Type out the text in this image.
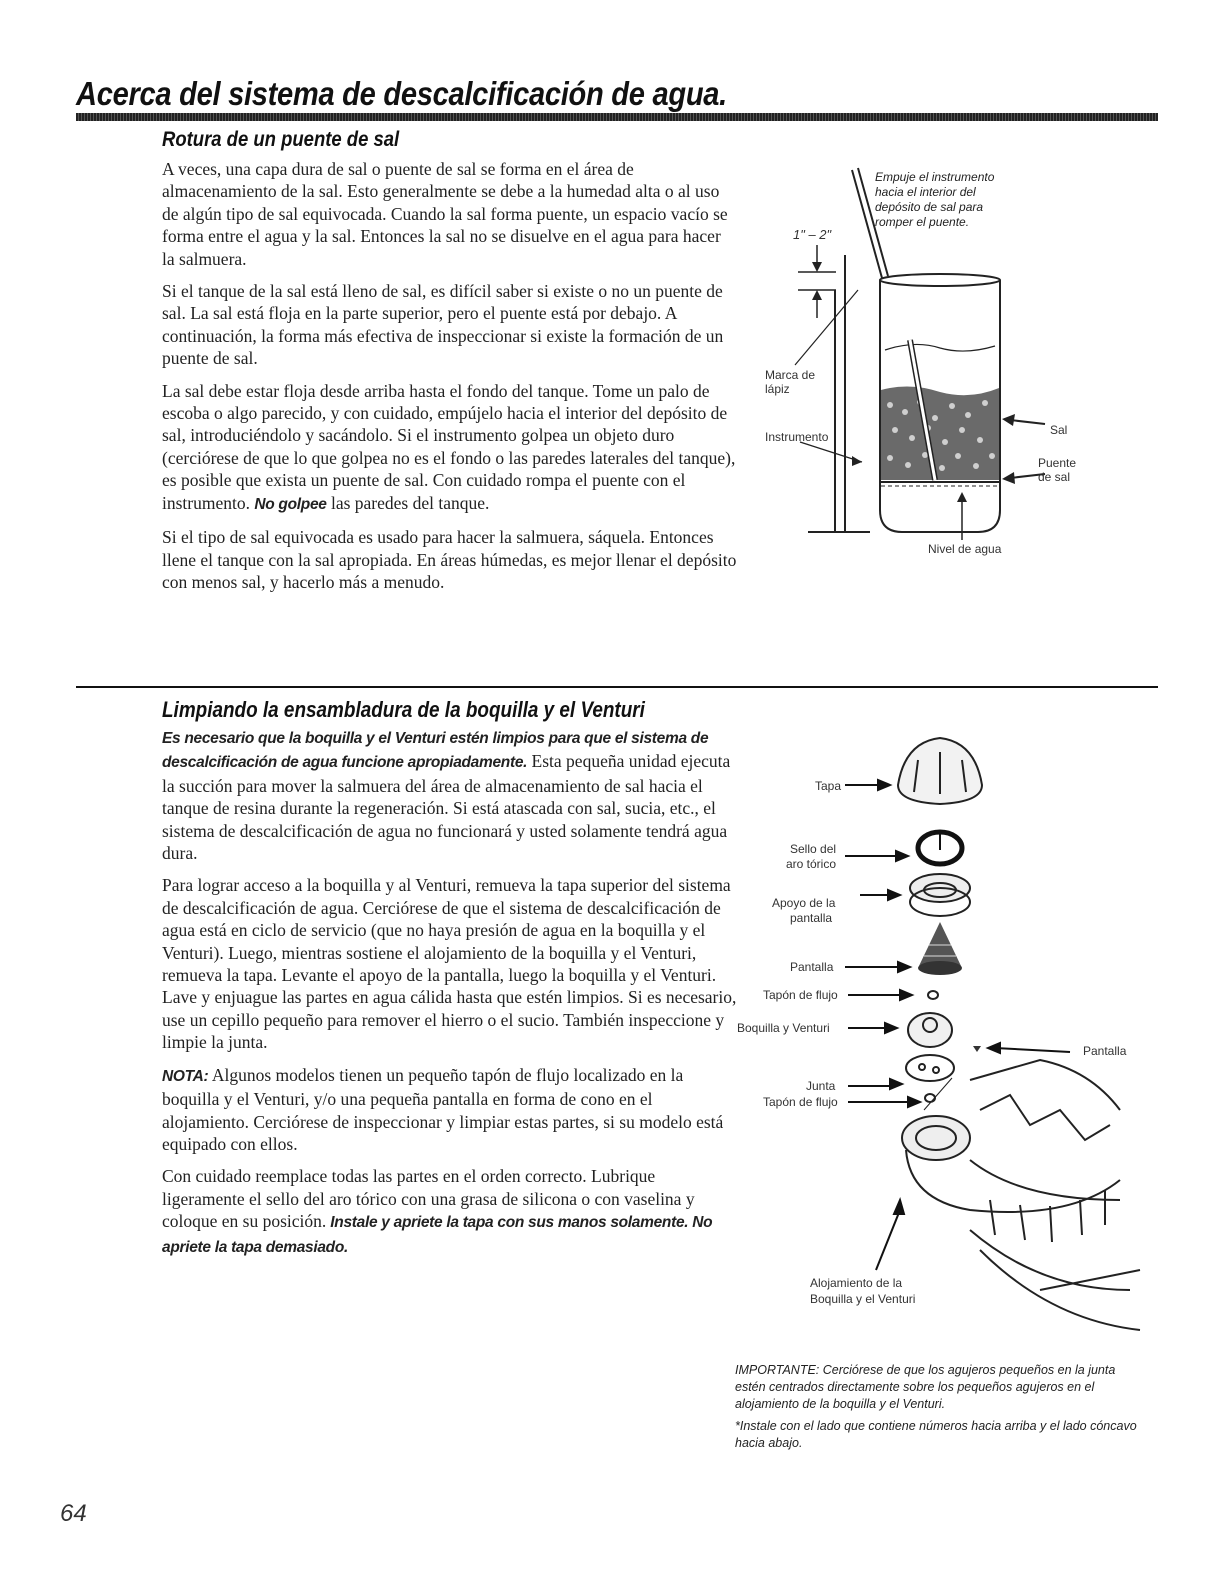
Acerca del sistema de descalcificación de agua.
Rotura de un puente de sal

A veces, una capa dura de sal o puente de sal se forma en el área de almacenamiento de la sal. Esto generalmente se debe a la humedad alta o al uso de algún tipo de sal equivocada. Cuando la sal forma puente, un espacio vacío se forma entre el agua y la sal. Entonces la sal no se disuelve en el agua para hacer la salmuera.

Si el tanque de la sal está lleno de sal, es difícil saber si existe o no un puente de sal. La sal está floja en la parte superior, pero el puente está por debajo. A continuación, la forma más efectiva de inspeccionar si existe la formación de un puente de sal.

La sal debe estar floja desde arriba hasta el fondo del tanque. Tome un palo de escoba o algo parecido, y con cuidado, empújelo hacia el interior del depósito de sal, introduciéndolo y sacándolo. Si el instrumento golpea un objeto duro (cerciórese de que lo que golpea no es el fondo o las paredes laterales del tanque), es posible que exista un puente de sal. Con cuidado rompa el puente con el instrumento. No golpee las paredes del tanque.

Si el tipo de sal equivocada es usado para hacer la salmuera, sáquela. Entonces llene el tanque con la sal apropiada. En áreas húmedas, es mejor llenar el depósito con menos sal, y hacerlo más a menudo.

Empuje el instrumento hacia el interior del depósito de sal para romper el puente.
1" – 2"
Marca de lápiz
Instrumento	Sal
Puente de sal
Nivel de agua
Limpiando la ensambladura de la boquilla y el Venturi

Es necesario que la boquilla y el Venturi estén limpios para que el sistema de descalcificación de agua funcione apropiadamente. Esta pequeña unidad ejecuta la succión para mover la salmuera del área de almacenamiento de sal hacia el tanque de resina durante la regeneración. Si está atascada con sal, sucia, etc., el sistema de descalcificación de agua no funcionará y usted solamente tendrá agua dura.

Para lograr acceso a la boquilla y al Venturi, remueva la tapa superior del sistema de descalcificación de agua. Cerciórese de que el sistema de descalcificación de agua está en ciclo de servicio (que no haya presión de agua en la boquilla y el Venturi). Luego, mientras sostiene el alojamiento de la boquilla y el Venturi, remueva la tapa. Levante el apoyo de la pantalla, luego la boquilla y el Venturi. Lave y enjuague las partes en agua cálida hasta que estén limpios. Si es necesario, use un cepillo pequeño para remover el hierro o el sucio. También inspeccione y limpie la junta.

NOTA: Algunos modelos tienen un pequeño tapón de flujo localizado en la boquilla y el Venturi, y/o una pequeña pantalla en forma de cono en el alojamiento. Cerciórese de inspeccionar y limpiar estas partes, si su modelo está equipado con ellos.

Con cuidado reemplace todas las partes en el orden correcto. Lubrique ligeramente el sello del aro tórico con una grasa de silicona o con vaselina y coloque en su posición. Instale y apriete la tapa con sus manos solamente. No apriete la tapa demasiado.

Tapa
Sello del
aro tórico
Apoyo de la
pantalla
Pantalla
Tapón de flujo
Boquilla y Venturi
Junta
Tapón de flujo
Pantalla
Alojamiento de la
Boquilla y el Venturi
IMPORTANTE: Cerciórese de que los agujeros pequeños en la junta estén centrados directamente sobre los pequeños agujeros en el alojamiento de la boquilla y el Venturi.
*Instale con el lado que contiene números hacia arriba y el lado cóncavo hacia abajo.
64
